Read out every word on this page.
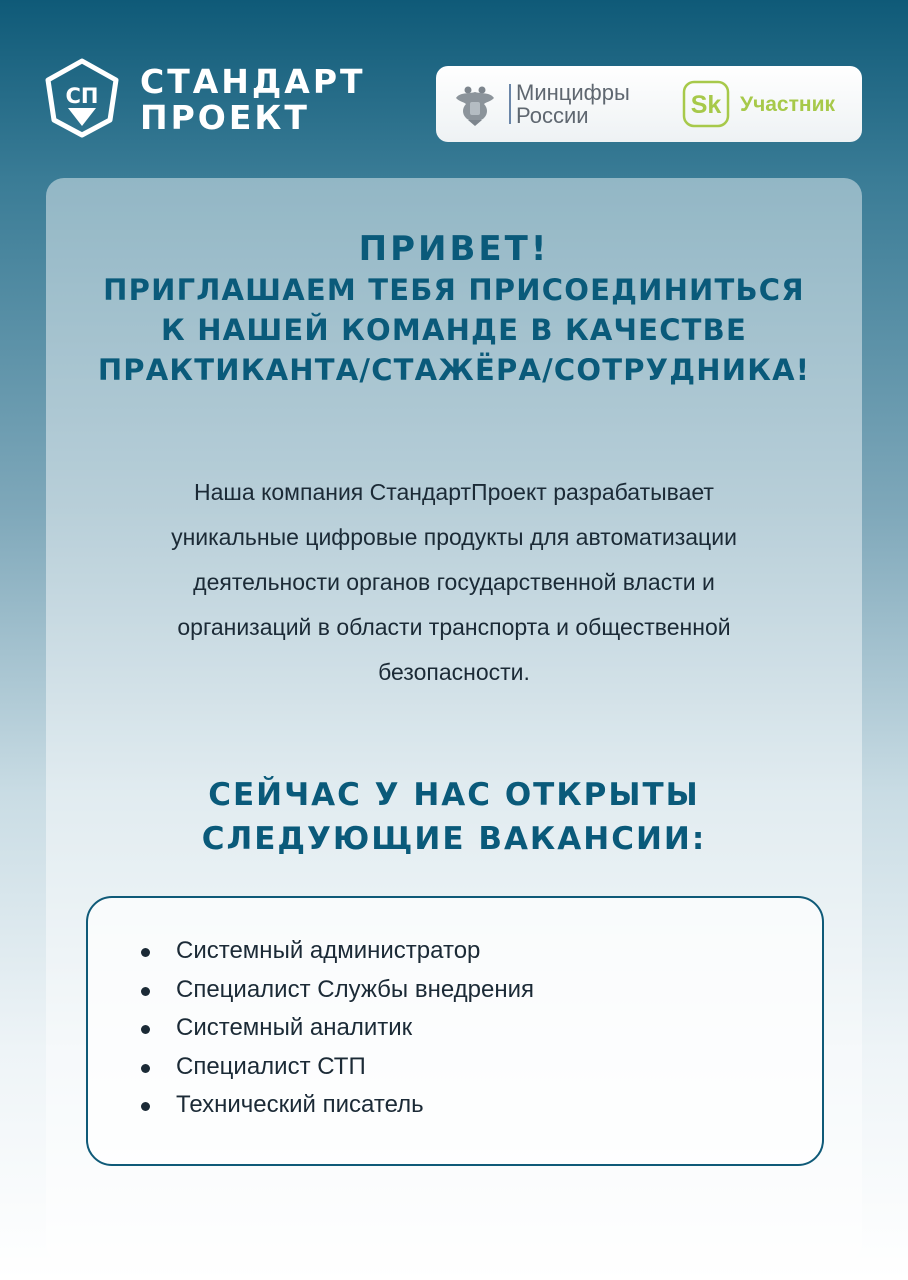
СП СТАНДАРТ
ПРОЕКТ
Минцифры
России	Sk Участник
ПРИВЕТ!
ПРИГЛАШАЕМ ТЕБЯ ПРИСОЕДИНИТЬСЯ
К НАШЕЙ КОМАНДЕ В КАЧЕСТВЕ
ПРАКТИКАНТА/СТАЖЁРА/СОТРУДНИКА!
Наша компания СтандартПроект разрабатывает
уникальные цифровые продукты для автоматизации
деятельности органов государственной власти и
организаций в области транспорта и общественной
безопасности.
СЕЙЧАС У НАС ОТКРЫТЫ
СЛЕДУЮЩИЕ ВАКАНСИИ:
Системный администратор
Специалист Службы внедрения
Системный аналитик
Специалист СТП
Технический писатель
